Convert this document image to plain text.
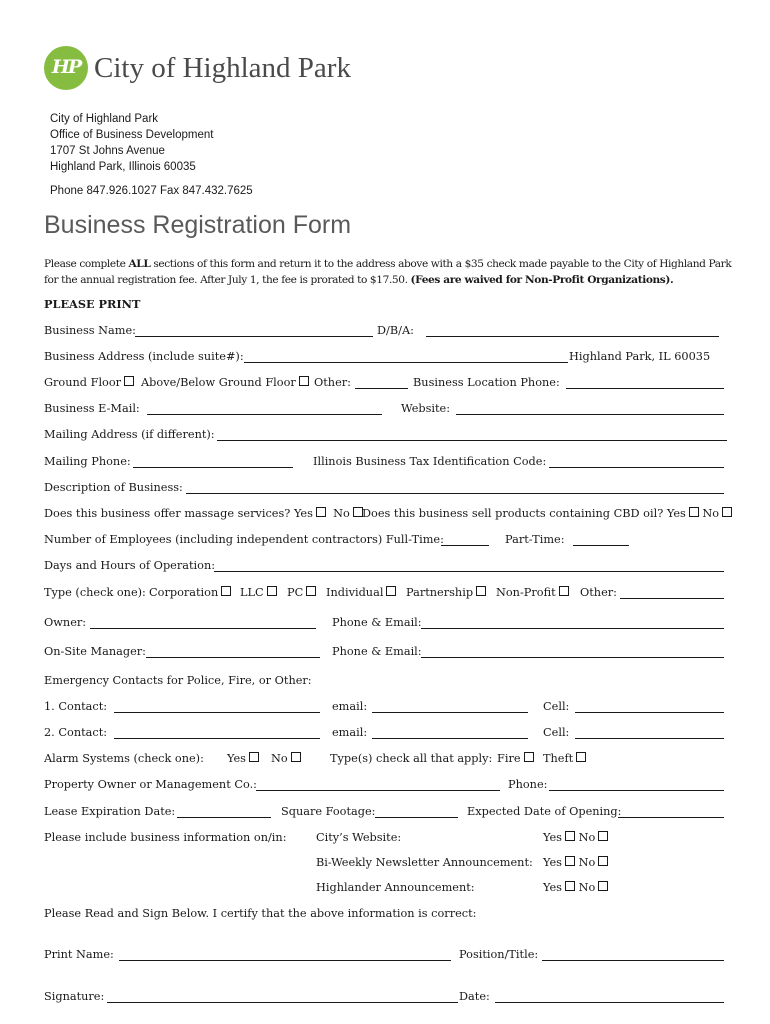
HP City of Highland Park
City of Highland Park
Office of Business Development
1707 St Johns Avenue
Highland Park, Illinois 60035
Phone 847.926.1027 Fax 847.432.7625
Business Registration Form
Please complete ALL sections of this form and return it to the address above with a $35 check made payable to the City of Highland Park for the annual registration fee. After July 1, the fee is prorated to $17.50. (Fees are waived for Non-Profit Organizations).
PLEASE PRINT
Business Name:	D/B/A:
Business Address (include suite#):	Highland Park, IL 60035
Ground Floor	Above/Below Ground Floor	Other:	Business Location Phone:
Business E-Mail:	Website:
Mailing Address (if different):
Mailing Phone:	Illinois Business Tax Identification Code:
Description of Business:
Does this business offer massage services? Yes No	Does this business sell products containing CBD oil? Yes No
Number of Employees (including independent contractors) Full-Time:	Part-Time:
Days and Hours of Operation:
Type (check one): Corporation	LLC	PC	Individual	Partnership	Non-Profit	Other:
Owner:	Phone & Email:
On-Site Manager:	Phone & Email:
Emergency Contacts for Police, Fire, or Other:
1. Contact:	email:	Cell:
2. Contact:	email:	Cell:
Alarm Systems (check one): Yes	No	Type(s) check all that apply: Fire	Theft
Property Owner or Management Co.:	Phone:
Lease Expiration Date:	Square Footage:	Expected Date of Opening:
Please include business information on/in:	City’s Website:	Yes No
Bi-Weekly Newsletter Announcement: Yes No
Highlander Announcement:	Yes No
Please Read and Sign Below. I certify that the above information is correct:
Print Name:	Position/Title:
Signature:	Date:
